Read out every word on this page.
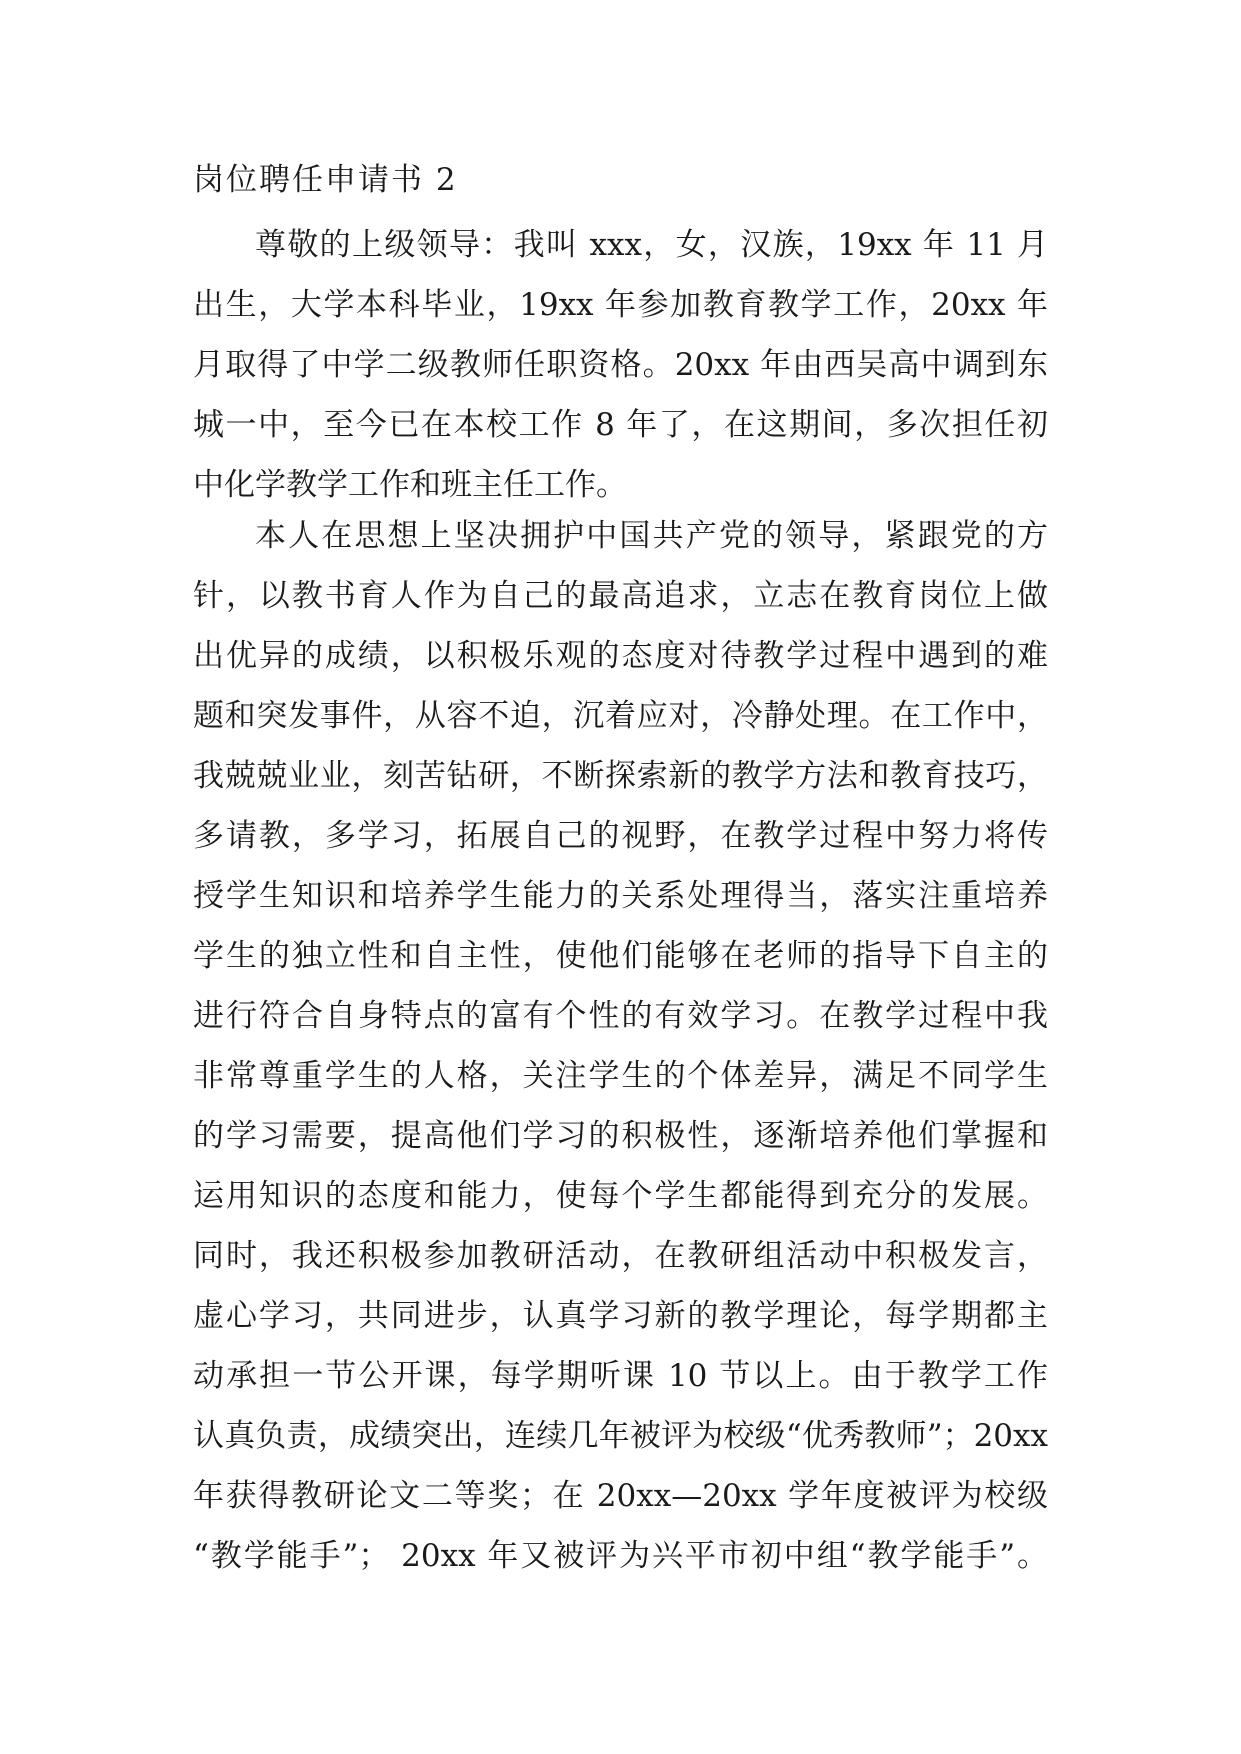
岗位聘任申请书 2
尊敬的上级领导：我叫 xxx，女，汉族，19xx 年 11 月
出生，大学本科毕业，19xx 年参加教育教学工作，20xx 年
月取得了中学二级教师任职资格。20xx 年由西吴高中调到东
城一中，至今已在本校工作 8 年了，在这期间，多次担任初
中化学教学工作和班主任工作。
本人在思想上坚决拥护中国共产党的领导，紧跟党的方
针，以教书育人作为自己的最高追求，立志在教育岗位上做
出优异的成绩，以积极乐观的态度对待教学过程中遇到的难
题和突发事件，从容不迫，沉着应对，冷静处理。在工作中，
我兢兢业业，刻苦钻研，不断探索新的教学方法和教育技巧，
多请教，多学习，拓展自己的视野，在教学过程中努力将传
授学生知识和培养学生能力的关系处理得当，落实注重培养
学生的独立性和自主性，使他们能够在老师的指导下自主的
进行符合自身特点的富有个性的有效学习。在教学过程中我
非常尊重学生的人格，关注学生的个体差异，满足不同学生
的学习需要，提高他们学习的积极性，逐渐培养他们掌握和
运用知识的态度和能力，使每个学生都能得到充分的发展。
同时，我还积极参加教研活动，在教研组活动中积极发言，
虚心学习，共同进步，认真学习新的教学理论，每学期都主
动承担一节公开课，每学期听课 10 节以上。由于教学工作
认真负责，成绩突出，连续几年被评为校级“优秀教师”；20xx
年获得教研论文二等奖；在 20xx—20xx 学年度被评为校级
“教学能手”； 20xx 年又被评为兴平市初中组“教学能手”。
